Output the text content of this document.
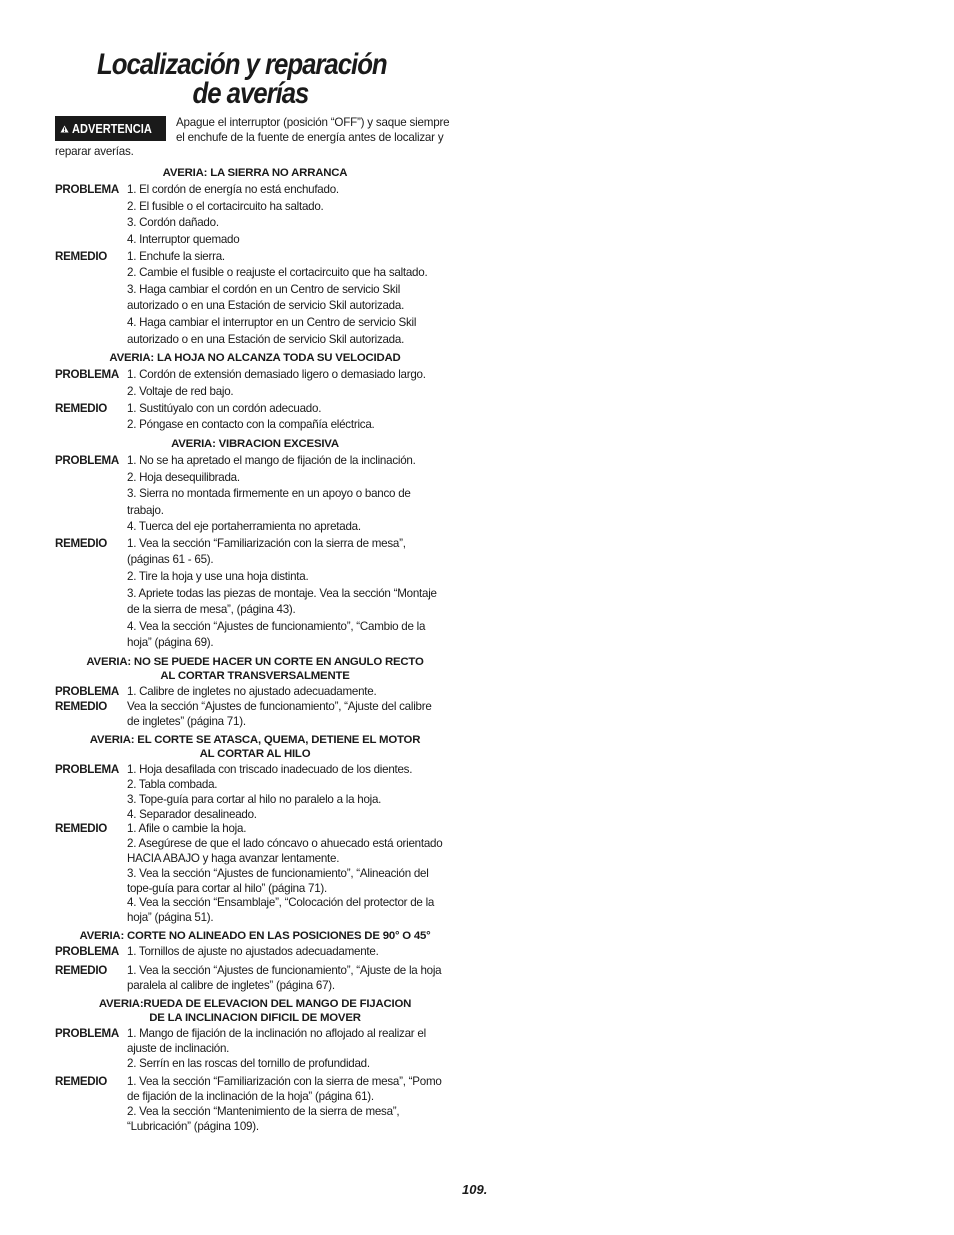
Localización y reparación
de averías
ADVERTENCIA Apague el interruptor (posición “OFF”) y saque siempre
el enchufe de la fuente de energía antes de localizar y
reparar averías.
AVERIA: LA SIERRA NO ARRANCA
PROBLEMA 1. El cordón de energía no está enchufado.
2. El fusible o el cortacircuito ha saltado.
3. Cordón dañado.
4. Interruptor quemado
REMEDIO	1. Enchufe la sierra.
2. Cambie el fusible o reajuste el cortacircuito que ha saltado.
3. Haga cambiar el cordón en un Centro de servicio Skil
autorizado o en una Estación de servicio Skil autorizada.
4. Haga cambiar el interruptor en un Centro de servicio Skil
autorizado o en una Estación de servicio Skil autorizada.
AVERIA: LA HOJA NO ALCANZA TODA SU VELOCIDAD
PROBLEMA 1. Cordón de extensión demasiado ligero o demasiado largo.
2. Voltaje de red bajo.
REMEDIO	1. Sustitúyalo con un cordón adecuado.
2. Póngase en contacto con la compañía eléctrica.
AVERIA: VIBRACION EXCESIVA
PROBLEMA 1. No se ha apretado el mango de fijación de la inclinación.
2. Hoja desequilibrada.
3. Sierra no montada firmemente en un apoyo o banco de
trabajo.
4. Tuerca del eje portaherramienta no apretada.
REMEDIO	1. Vea la sección “Familiarización con la sierra de mesa”,
(páginas 61 - 65).
2. Tire la hoja y use una hoja distinta.
3. Apriete todas las piezas de montaje. Vea la sección “Montaje
de la sierra de mesa”, (página 43).
4. Vea la sección “Ajustes de funcionamiento”, “Cambio de la
hoja” (página 69).
AVERIA: NO SE PUEDE HACER UN CORTE EN ANGULO RECTO
AL CORTAR TRANSVERSALMENTE
PROBLEMA 1. Calibre de ingletes no ajustado adecuadamente.
REMEDIO	Vea la sección “Ajustes de funcionamiento”, “Ajuste del calibre
de ingletes” (página 71).
AVERIA: EL CORTE SE ATASCA, QUEMA, DETIENE EL MOTOR
AL CORTAR AL HILO
PROBLEMA 1. Hoja desafilada con triscado inadecuado de los dientes.
2. Tabla combada.
3. Tope-guía para cortar al hilo no paralelo a la hoja.
4. Separador desalineado.
REMEDIO	1. Afile o cambie la hoja.
2. Asegúrese de que el lado cóncavo o ahuecado está orientado
HACIA ABAJO y haga avanzar lentamente.
3. Vea la sección “Ajustes de funcionamiento”, “Alineación del
tope-guía para cortar al hilo” (página 71).
4. Vea la sección “Ensamblaje”, “Colocación del protector de la
hoja” (página 51).
AVERIA: CORTE NO ALINEADO EN LAS POSICIONES DE 90° O 45°
PROBLEMA 1. Tornillos de ajuste no ajustados adecuadamente.
REMEDIO	1. Vea la sección “Ajustes de funcionamiento”, “Ajuste de la hoja
paralela al calibre de ingletes” (página 67).
AVERIA:RUEDA DE ELEVACION DEL MANGO DE FIJACION
DE LA INCLINACION DIFICIL DE MOVER
PROBLEMA 1. Mango de fijación de la inclinación no aflojado al realizar el
ajuste de inclinación.
2. Serrín en las roscas del tornillo de profundidad.
REMEDIO	1. Vea la sección “Familiarización con la sierra de mesa”, “Pomo
de fijación de la inclinación de la hoja” (página 61).
2. Vea la sección “Mantenimiento de la sierra de mesa”,
“Lubricación” (página 109).
109.
